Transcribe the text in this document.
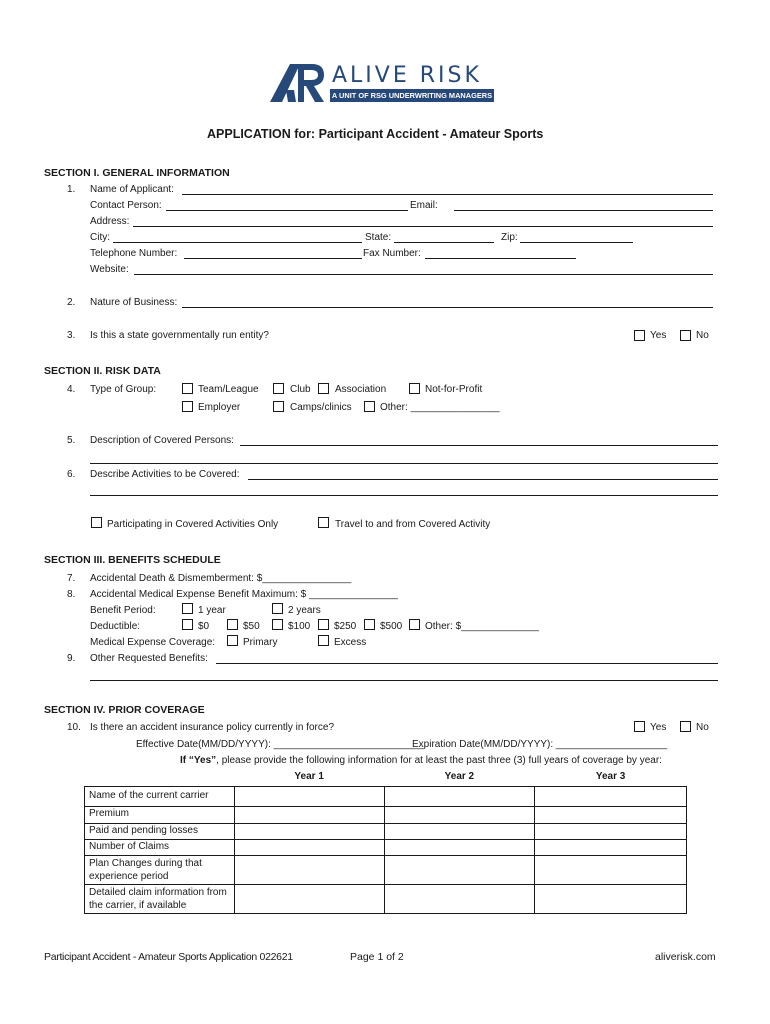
ALIVE RISK
A UNIT OF RSG UNDERWRITING MANAGERS
APPLICATION for: Participant Accident - Amateur Sports
SECTION I. GENERAL INFORMATION
1. Name of Applicant:
Contact Person:	Email:
Address:
City:	State:	Zip:
Telephone Number:	Fax Number:
Website:
2. Nature of Business:
3. Is this a state governmentally run entity?	Yes	No
SECTION II. RISK DATA
4. Type of Group:	Team/League	Club Association	Not-for-Profit
Employer	Camps/clinics	Other: ________________
5. Description of Covered Persons:
6. Describe Activities to be Covered:
Participating in Covered Activities Only	Travel to and from Covered Activity
SECTION III. BENEFITS SCHEDULE
7. Accidental Death & Dismemberment: $________________
8. Accidental Medical Expense Benefit Maximum: $ ________________
Benefit Period:	1 year	2 years
Deductible:	$0	$50	$100 $250 $500 Other: $______________
Medical Expense Coverage:	Primary	Excess
9. Other Requested Benefits:
SECTION IV. PRIOR COVERAGE
10. Is there an accident insurance policy currently in force?	Yes	No
Effective Date(MM/DD/YYYY): ___________________________
Expiration Date(MM/DD/YYYY): ____________________
If “Yes”, please provide the following information for at least the past three (3) full years of coverage by year:
	Year 1	Year 2	Year 3
Name of the current carrier			
Premium			
Paid and pending losses			
Number of Claims			
Plan Changes during that experience period			
Detailed claim information from the carrier, if available			
Participant Accident - Amateur Sports Application 022621	Page 1 of 2	aliverisk.com
